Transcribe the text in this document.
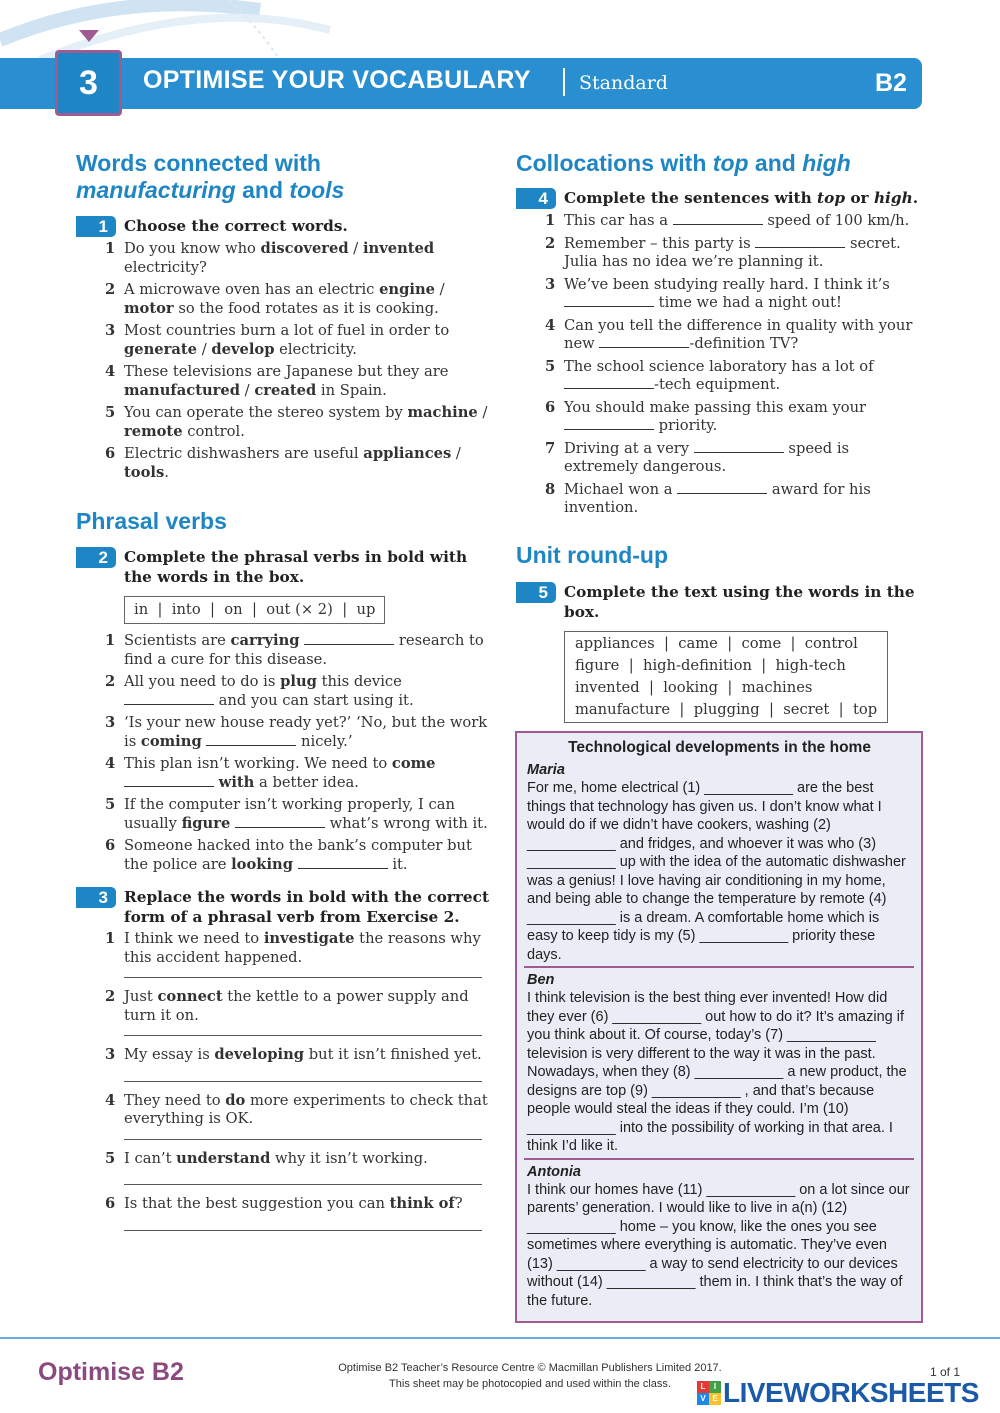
3	OPTIMISE YOUR VOCABULARY	Standard	B2
Words connected with
manufacturing and tools
1	Choose the correct words.
1 Do you know who discovered / invented electricity?
2 A microwave oven has an electric engine / motor so the food rotates as it is cooking.
3 Most countries burn a lot of fuel in order to generate / develop electricity.
4 These televisions are Japanese but they are manufactured / created in Spain.
5 You can operate the stereo system by machine / remote control.
6 Electric dishwashers are useful appliances / tools.
Phrasal verbs
2	Complete the phrasal verbs in bold with the words in the box.
in  |  into  |  on  |  out (× 2)  |  up
1 Scientists are carrying	research to find a cure for this disease.
2 All you need to do is plug this device  and you can start using it.
3 ‘Is your new house ready yet?’ ‘No, but the work is coming	nicely.’
4 This plan isn’t working. We need to come  with a better idea.
5 If the computer isn’t working properly, I can usually figure	what’s wrong with it.
6 Someone hacked into the bank’s computer but the police are looking	it.
3	Replace the words in bold with the correct form of a phrasal verb from Exercise 2.
1 I think we need to investigate the reasons why this accident happened.
2 Just connect the kettle to a power supply and turn it on.
3 My essay is developing but it isn’t finished yet.
4 They need to do more experiments to check that everything is OK.
5 I can’t understand why it isn’t working.
6 Is that the best suggestion you can think of?
Collocations with top and high
4	Complete the sentences with top or high.
1 This car has a	speed of 100 km/h.
2 Remember – this party is	secret. Julia has no idea we’re planning it.
3 We’ve been studying really hard. I think it’s  time we had a night out!
4 Can you tell the difference in quality with your new	-definition TV?
5 The school science laboratory has a lot of -tech equipment.
6 You should make passing this exam your  priority.
7 Driving at a very	speed is extremely dangerous.
8 Michael won a	award for his invention.
Unit round-up
5	Complete the text using the words in the box.
appliances  |  came  |  come  |  control
figure  |  high-definition  |  high-tech
invented  |  looking  |  machines
manufacture  |  plugging  |  secret  |  top
Technological developments in the home
Maria
For me, home electrical (1) ___________ are the best things that technology has given us. I don’t know what I would do if we didn’t have cookers, washing (2) ___________ and fridges, and whoever it was who (3) ___________ up with the idea of the automatic dishwasher was a genius! I love having air conditioning in my home, and being able to change the temperature by remote (4) ___________ is a dream. A comfortable home which is easy to keep tidy is my (5) ___________ priority these days.
Ben
I think television is the best thing ever invented! How did they ever (6) ___________ out how to do it? It’s amazing if you think about it. Of course, today’s (7) ___________ television is very different to the way it was in the past. Nowadays, when they (8) ___________ a new product, the designs are top (9) ___________ , and that’s because people would steal the ideas if they could. I’m (10) ___________ into the possibility of working in that area. I think I’d like it.
Antonia
I think our homes have (11) ___________ on a lot since our parents’ generation. I would like to live in a(n) (12) ___________ home – you know, like the ones you see sometimes where everything is automatic. They’ve even (13) ___________ a way to send electricity to our devices without (14) ___________ them in. I think that’s the way of the future.
Optimise B2	Optimise B2 Teacher’s Resource Centre © Macmillan Publishers Limited 2017.
This sheet may be photocopied and used within the class.
1 of 1
L	I
V E LIVEWORKSHEETS
